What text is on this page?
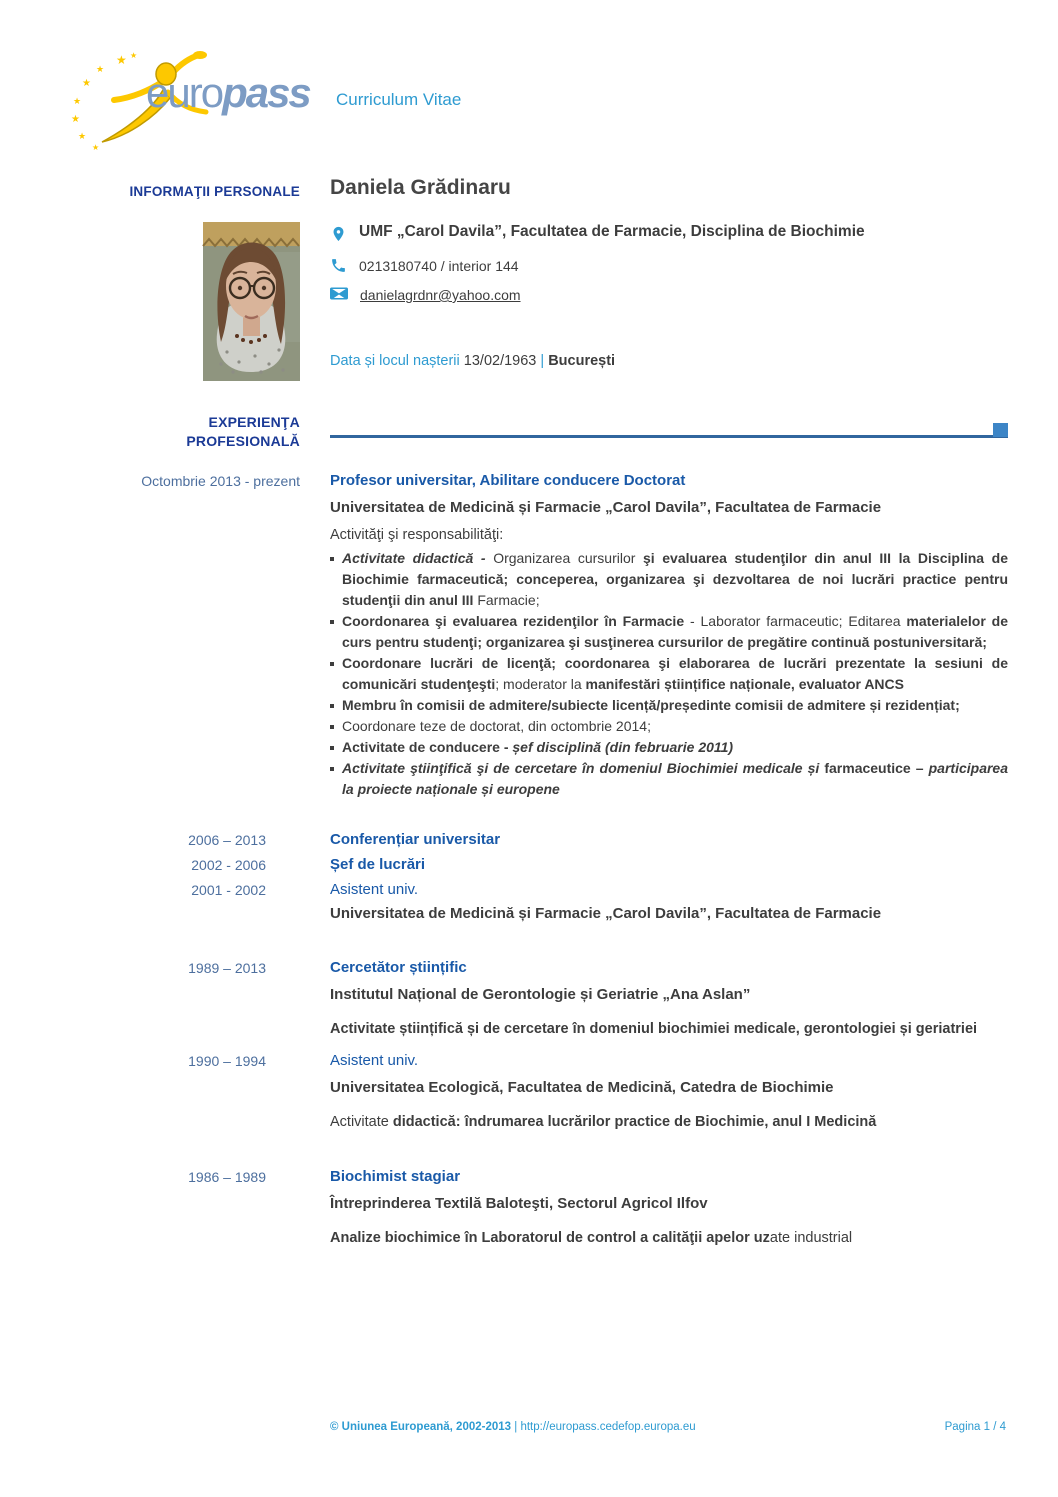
★
★
★
★
★
★
★
★
europass Curriculum Vitae
INFORMAŢII PERSONALE Daniela Grădinaru
UMF „Carol Davila”, Facultatea de Farmacie, Disciplina de Biochimie
0213180740 / interior 144
danielagrdnr@yahoo.com
Data și locul nașterii 13/02/1963 | București
EXPERIENŢA
PROFESIONALĂ
Octombrie 2013 - prezent Profesor universitar, Abilitare conducere Doctorat
Universitatea de Medicină și Farmacie „Carol Davila”, Facultatea de Farmacie
Activităţi şi responsabilităţi:
Activitate didactică - Organizarea cursurilor şi evaluarea studenţilor din anul III la Disciplina de Biochimie farmaceutică; conceperea, organizarea şi dezvoltarea de noi lucrări practice pentru studenţii din anul III Farmacie;
Coordonarea şi evaluarea rezidenţilor în Farmacie - Laborator farmaceutic; Editarea materialelor de curs pentru studenţi; organizarea şi susţinerea cursurilor de pregătire continuă postuniversitară;
Coordonare lucrări de licenţă; coordonarea şi elaborarea de lucrări prezentate la sesiuni de comunicări studenţeşti; moderator la manifestări științifice naționale, evaluator ANCS
Membru în comisii de admitere/subiecte licență/președinte comisii de admitere și rezidențiat;
Coordonare teze de doctorat, din octombrie 2014;
Activitate de conducere - șef disciplină (din februarie 2011)
Activitate ştiinţifică şi de cercetare în domeniul Biochimiei medicale și farmaceutice – participarea la proiecte naționale și europene
2006 – 2013	Conferențiar universitar
2002 - 2006	Șef de lucrări
2001 - 2002	Asistent univ.
Universitatea de Medicină și Farmacie „Carol Davila”, Facultatea de Farmacie
1989 – 2013	Cercetător științific
Institutul Național de Gerontologie și Geriatrie „Ana Aslan”
Activitate științifică și de cercetare în domeniul biochimiei medicale, gerontologiei și geriatriei
1990 – 1994	Asistent univ.
Universitatea Ecologică, Facultatea de Medicină, Catedra de Biochimie
Activitate didactică: îndrumarea lucrărilor practice de Biochimie, anul I Medicină
1986 – 1989	Biochimist stagiar
Întreprinderea Textilă Baloteşti, Sectorul Agricol Ilfov
Analize biochimice în Laboratorul de control a calităţii apelor uzate industrial
© Uniunea Europeană, 2002-2013 | http://europass.cedefop.europa.eu	Pagina 1 / 4
